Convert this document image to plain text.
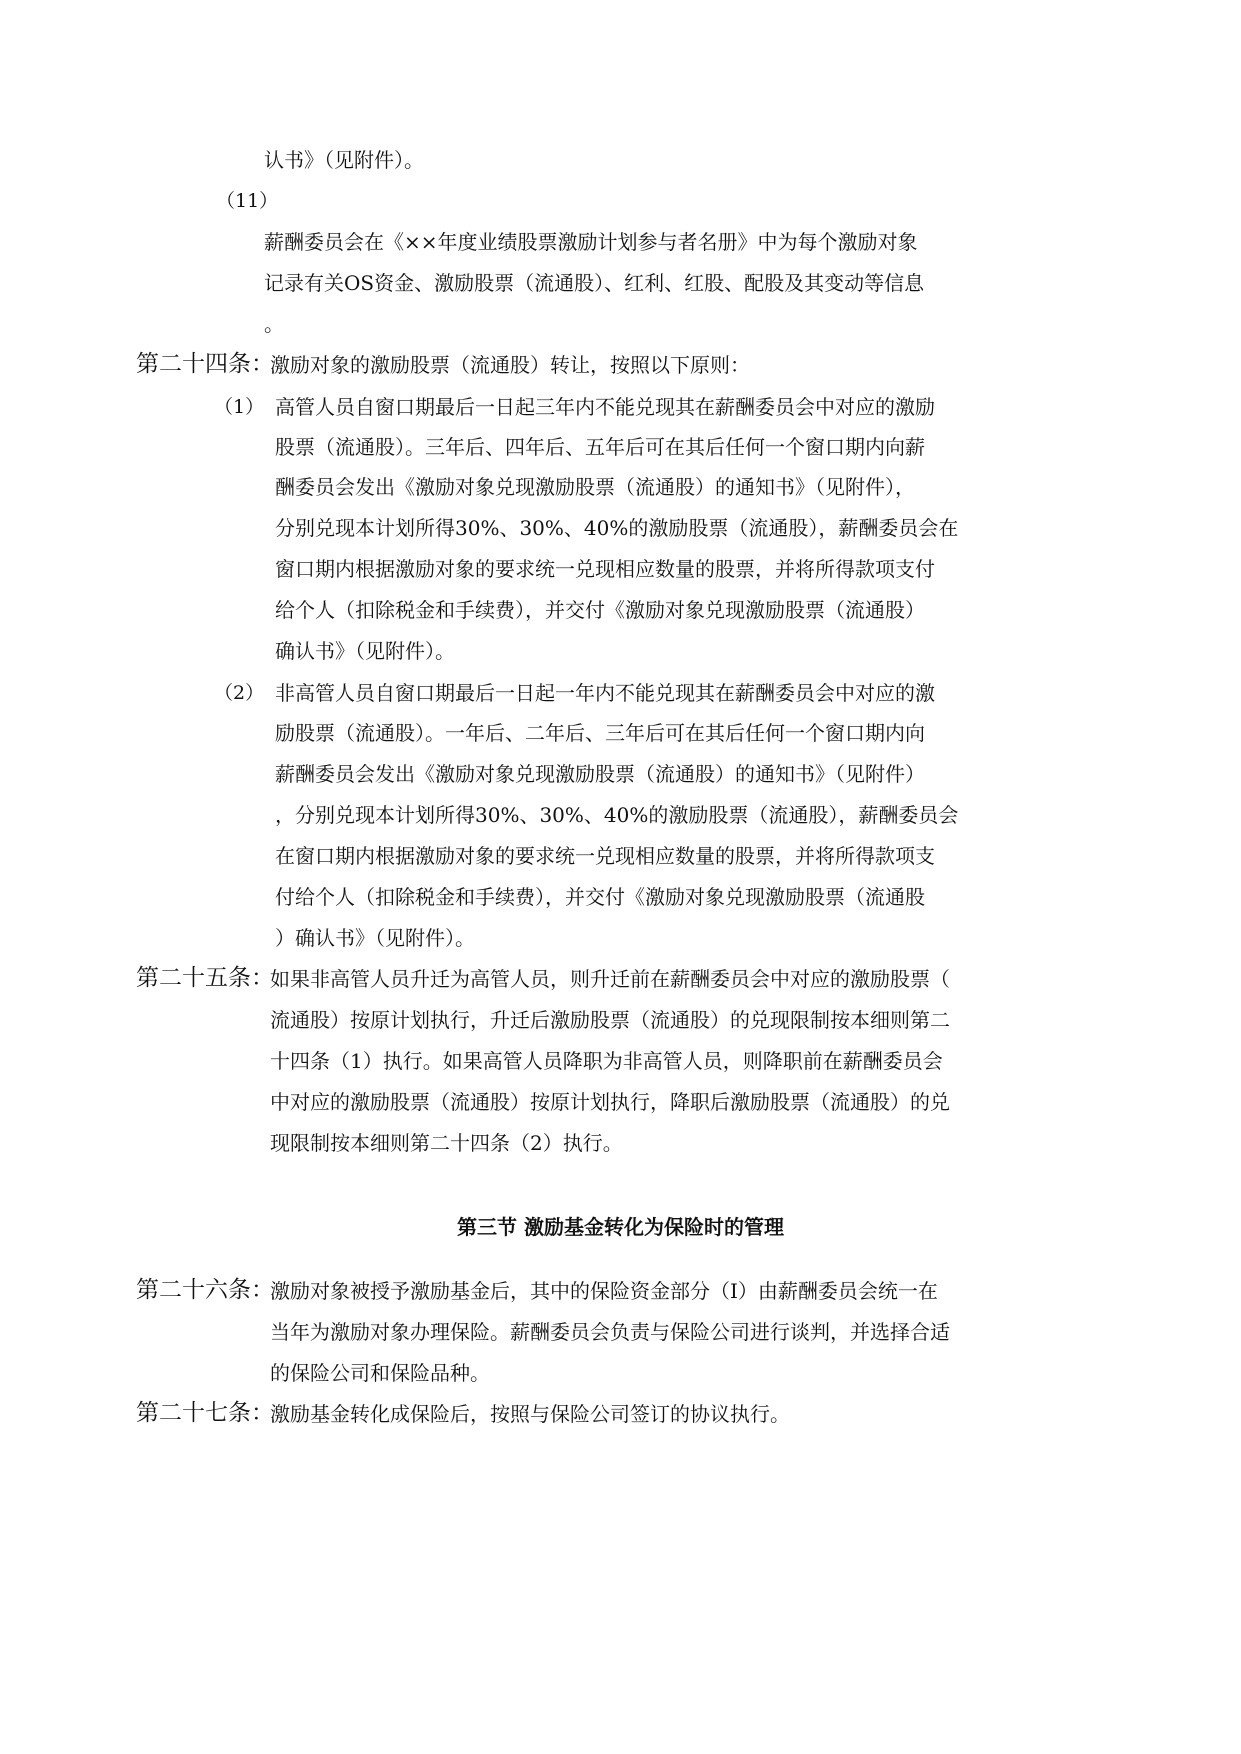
认书》（见附件）。
（11）
薪酬委员会在《××年度业绩股票激励计划参与者名册》中为每个激励对象
记录有关OS资金、激励股票（流通股）、红利、红股、配股及其变动等信息
。
第二十四条：
激励对象的激励股票（流通股）转让，按照以下原则：
（1） 高管人员自窗口期最后一日起三年内不能兑现其在薪酬委员会中对应的激励
股票（流通股）。三年后、四年后、五年后可在其后任何一个窗口期内向薪
酬委员会发出《激励对象兑现激励股票（流通股）的通知书》（见附件），
分别兑现本计划所得30%、30%、40%的激励股票（流通股），薪酬委员会在
窗口期内根据激励对象的要求统一兑现相应数量的股票，并将所得款项支付
给个人（扣除税金和手续费），并交付《激励对象兑现激励股票（流通股）
确认书》（见附件）。
（2） 非高管人员自窗口期最后一日起一年内不能兑现其在薪酬委员会中对应的激
励股票（流通股）。一年后、二年后、三年后可在其后任何一个窗口期内向
薪酬委员会发出《激励对象兑现激励股票（流通股）的通知书》（见附件）
，分别兑现本计划所得30%、30%、40%的激励股票（流通股），薪酬委员会
在窗口期内根据激励对象的要求统一兑现相应数量的股票，并将所得款项支
付给个人（扣除税金和手续费），并交付《激励对象兑现激励股票（流通股
）确认书》（见附件）。
第二十五条：
如果非高管人员升迁为高管人员，则升迁前在薪酬委员会中对应的激励股票（
流通股）按原计划执行，升迁后激励股票（流通股）的兑现限制按本细则第二
十四条（1）执行。如果高管人员降职为非高管人员，则降职前在薪酬委员会
中对应的激励股票（流通股）按原计划执行，降职后激励股票（流通股）的兑
现限制按本细则第二十四条（2）执行。
第三节 激励基金转化为保险时的管理
第二十六条：
激励对象被授予激励基金后，其中的保险资金部分（I）由薪酬委员会统一在
当年为激励对象办理保险。薪酬委员会负责与保险公司进行谈判，并选择合适
的保险公司和保险品种。
第二十七条：
激励基金转化成保险后，按照与保险公司签订的协议执行。
